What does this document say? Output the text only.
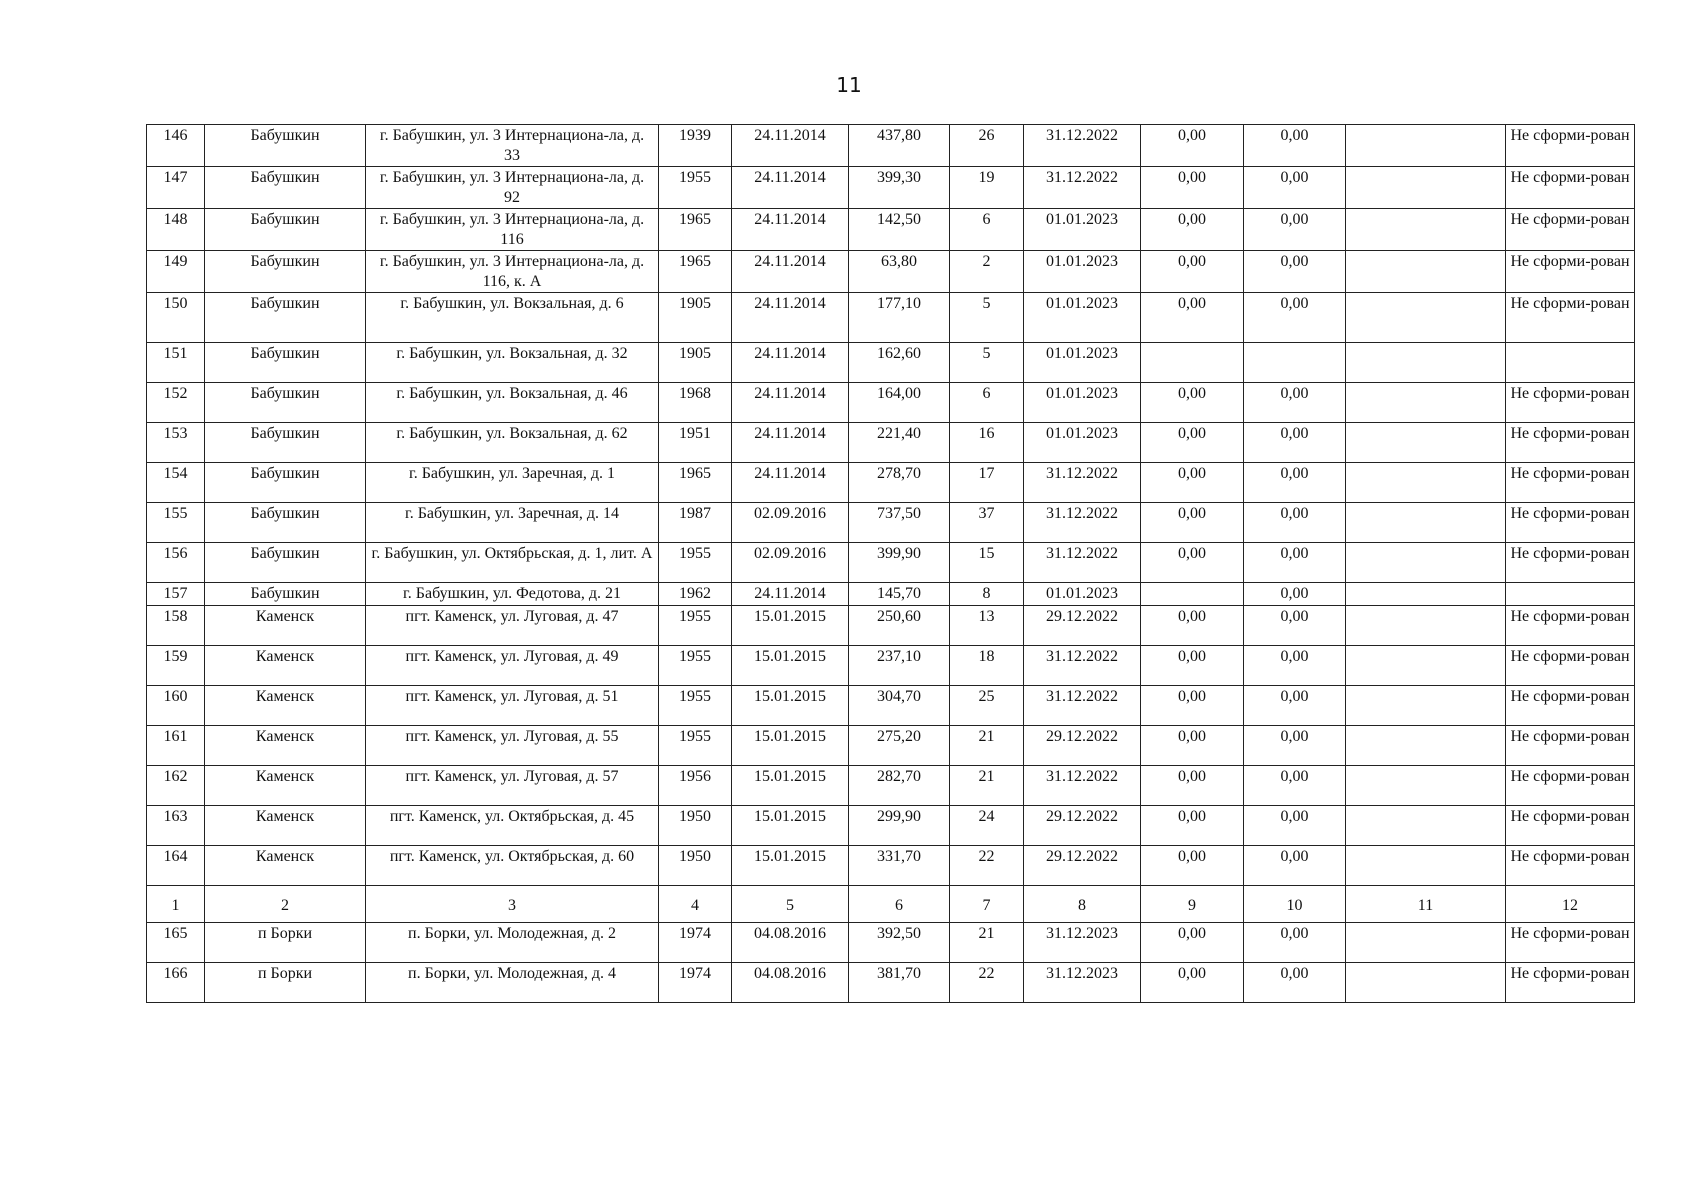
11
146	Бабушкин	г. Бабушкин, ул. 3 Интернациона-ла, д. 33	1939	24.11.2014	437,80	26	31.12.2022	0,00	0,00		Не сформи-рован
147	Бабушкин	г. Бабушкин, ул. 3 Интернациона-ла, д. 92	1955	24.11.2014	399,30	19	31.12.2022	0,00	0,00		Не сформи-рован
148	Бабушкин	г. Бабушкин, ул. 3 Интернациона-ла, д. 116	1965	24.11.2014	142,50	6	01.01.2023	0,00	0,00		Не сформи-рован
149	Бабушкин	г. Бабушкин, ул. 3 Интернациона-ла, д. 116, к. А	1965	24.11.2014	63,80	2	01.01.2023	0,00	0,00		Не сформи-рован
150	Бабушкин	г. Бабушкин, ул. Вокзальная, д. 6	1905	24.11.2014	177,10	5	01.01.2023	0,00	0,00		Не сформи-рован
151	Бабушкин	г. Бабушкин, ул. Вокзальная, д. 32	1905	24.11.2014	162,60	5	01.01.2023				
152	Бабушкин	г. Бабушкин, ул. Вокзальная, д. 46	1968	24.11.2014	164,00	6	01.01.2023	0,00	0,00		Не сформи-рован
153	Бабушкин	г. Бабушкин, ул. Вокзальная, д. 62	1951	24.11.2014	221,40	16	01.01.2023	0,00	0,00		Не сформи-рован
154	Бабушкин	г. Бабушкин, ул. Заречная, д. 1	1965	24.11.2014	278,70	17	31.12.2022	0,00	0,00		Не сформи-рован
155	Бабушкин	г. Бабушкин, ул. Заречная, д. 14	1987	02.09.2016	737,50	37	31.12.2022	0,00	0,00		Не сформи-рован
156	Бабушкин	г. Бабушкин, ул. Октябрьская, д. 1, лит. А	1955	02.09.2016	399,90	15	31.12.2022	0,00	0,00		Не сформи-рован
157	Бабушкин	г. Бабушкин, ул. Федотова, д. 21	1962	24.11.2014	145,70	8	01.01.2023		0,00		
158	Каменск	пгт. Каменск, ул. Луговая, д. 47	1955	15.01.2015	250,60	13	29.12.2022	0,00	0,00		Не сформи-рован
159	Каменск	пгт. Каменск, ул. Луговая, д. 49	1955	15.01.2015	237,10	18	31.12.2022	0,00	0,00		Не сформи-рован
160	Каменск	пгт. Каменск, ул. Луговая, д. 51	1955	15.01.2015	304,70	25	31.12.2022	0,00	0,00		Не сформи-рован
161	Каменск	пгт. Каменск, ул. Луговая, д. 55	1955	15.01.2015	275,20	21	29.12.2022	0,00	0,00		Не сформи-рован
162	Каменск	пгт. Каменск, ул. Луговая, д. 57	1956	15.01.2015	282,70	21	31.12.2022	0,00	0,00		Не сформи-рован
163	Каменск	пгт. Каменск, ул. Октябрьская, д. 45	1950	15.01.2015	299,90	24	29.12.2022	0,00	0,00		Не сформи-рован
164	Каменск	пгт. Каменск, ул. Октябрьская, д. 60	1950	15.01.2015	331,70	22	29.12.2022	0,00	0,00		Не сформи-рован
1	2	3	4	5	6	7	8	9	10	11	12
165	п Борки	п. Борки, ул. Молодежная, д. 2	1974	04.08.2016	392,50	21	31.12.2023	0,00	0,00		Не сформи-рован
166	п Борки	п. Борки, ул. Молодежная, д. 4	1974	04.08.2016	381,70	22	31.12.2023	0,00	0,00		Не сформи-рован
